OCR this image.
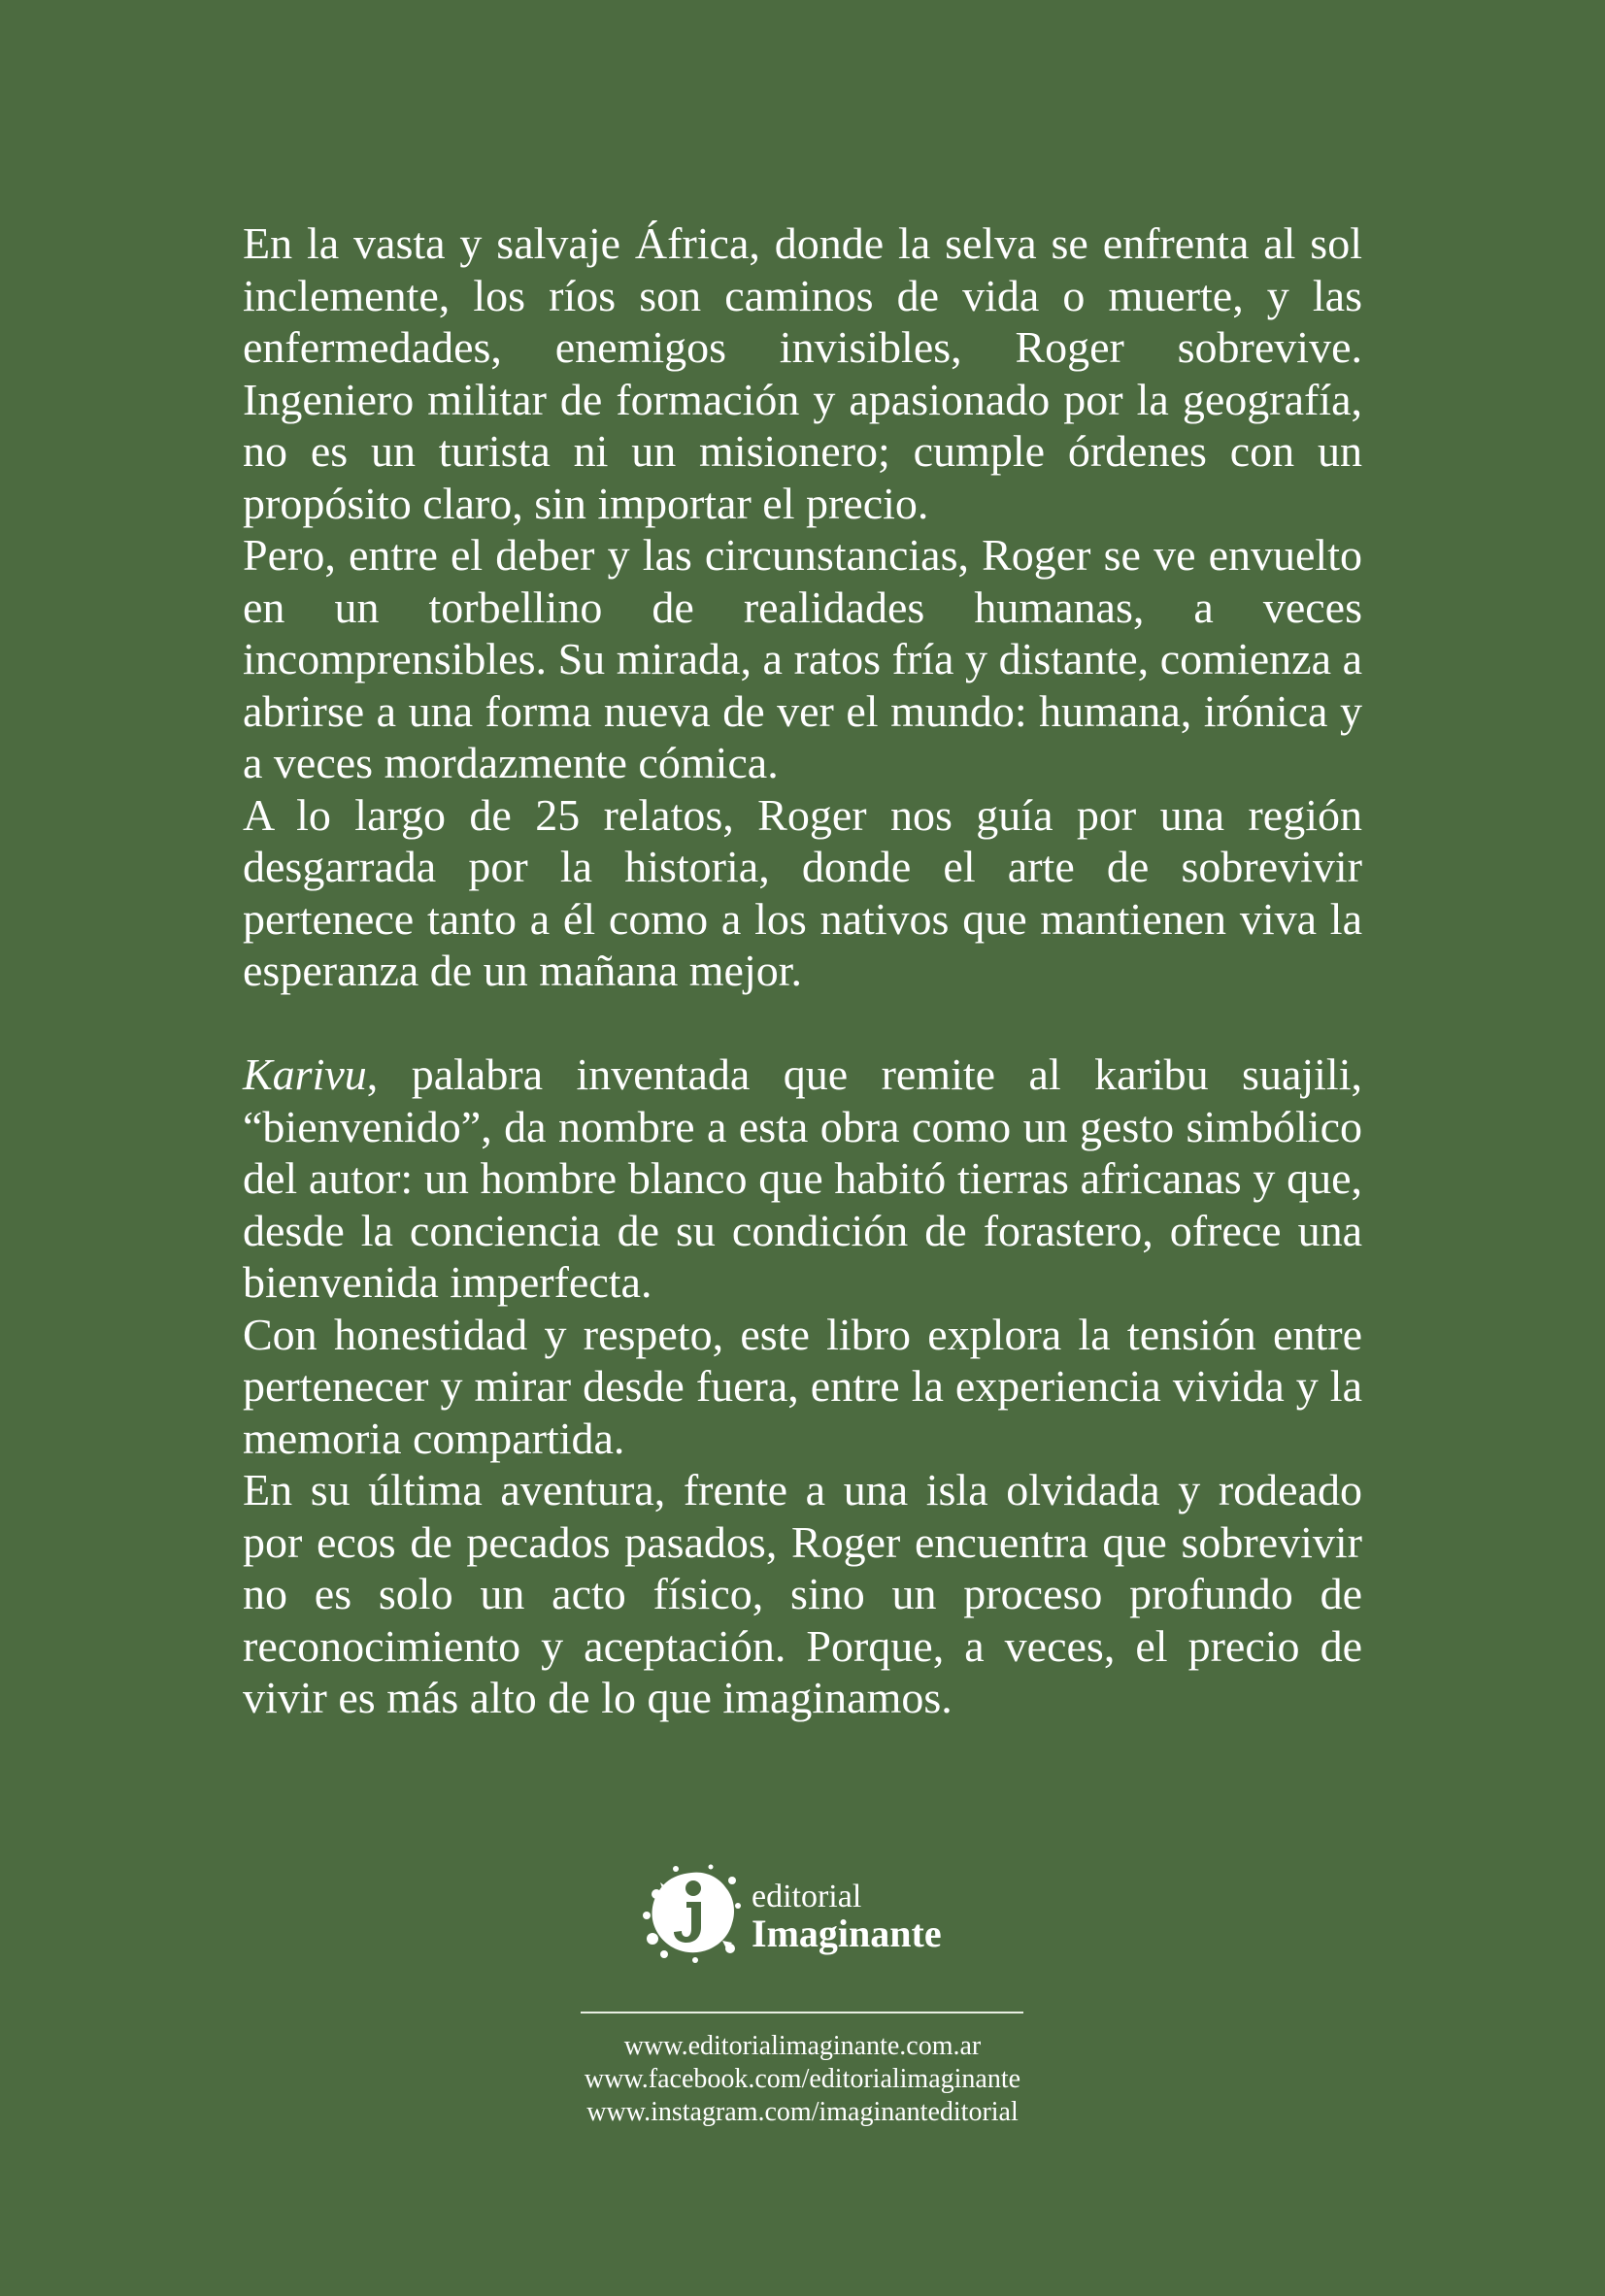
En la vasta y salvaje África, donde la selva se enfrenta al sol inclemente, los ríos son caminos de vida o muerte, y las enfermedades, enemigos invisibles, Roger sobrevive. Ingeniero militar de formación y apasionado por la geografía, no es un turista ni un misionero; cumple órdenes con un propósito claro, sin importar el precio.

Pero, entre el deber y las circunstancias, Roger se ve envuelto en un torbellino de realidades humanas, a veces incomprensibles. Su mirada, a ratos fría y distante, comienza a abrirse a una forma nueva de ver el mundo: humana, irónica y a veces mordazmente cómica.

A lo largo de 25 relatos, Roger nos guía por una región desgarrada por la historia, donde el arte de sobrevivir pertenece tanto a él como a los nativos que mantienen viva la esperanza de un mañana mejor.

Karivu, palabra inventada que remite al karibu suajili, “bienvenido”, da nombre a esta obra como un gesto simbólico del autor: un hombre blanco que habitó tierras africanas y que, desde la conciencia de su condición de forastero, ofrece una bienvenida imperfecta.

Con honestidad y respeto, este libro explora la tensión entre pertenecer y mirar desde fuera, entre la experiencia vivida y la memoria compartida.

En su última aventura, frente a una isla olvidada y rodeado por ecos de pecados pasados, Roger encuentra que sobrevivir no es solo un acto físico, sino un proceso profundo de reconocimiento y aceptación. Porque, a veces, el precio de vivir es más alto de lo que imaginamos.

editorial
Imaginante
www.editorialimaginante.com.ar
www.facebook.com/editorialimaginante
www.instagram.com/imaginanteditorial
